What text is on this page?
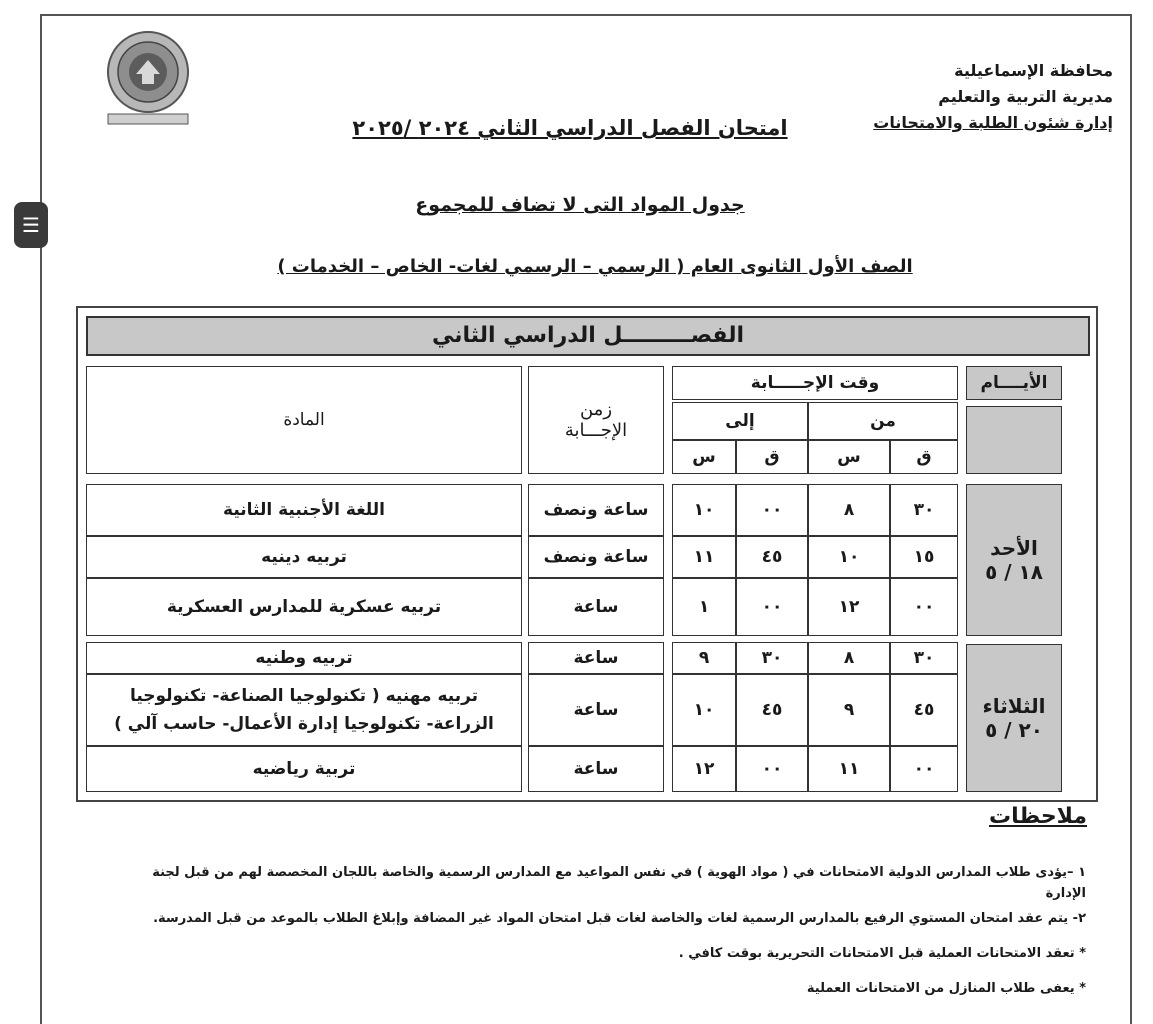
☰
محافظة الإسماعيلية
مديرية التربية والتعليم
إدارة شئون الطلبة والامتحانات
امتحان الفصل الدراسي الثاني ٢٠٢٤ /٢٠٢٥
جدول المواد التى لا تضاف للمجموع
الصف الأول الثانوى العام ( الرسمي – الرسمي لغات- الخاص – الخدمات )
الفصـــــــــل الدراسي الثاني
الأيــــام
وقت الإجـــــابة
من
إلى
ق
س
ق
س
زمن
الإجـــابة
المادة
الأحد
١٨ / ٥
الثلاثاء
٢٠ / ٥
٣٠
٨
٠٠
١٠
ساعة ونصف
اللغة الأجنبية الثانية
١٥
١٠
٤٥
١١
ساعة ونصف
تربيه دينيه
٠٠
١٢
٠٠
١
ساعة
تربيه عسكرية للمدارس العسكرية
٣٠
٨
٣٠
٩
ساعة
تربيه وطنيه
٤٥
٩
٤٥
١٠
ساعة
تربيه مهنيه ( تكنولوجيا الصناعة- تكنولوجيا الزراعة- تكنولوجيا إدارة الأعمال- حاسب آلي )
٠٠
١١
٠٠
١٢
ساعة
تربية رياضيه
ملاحظات

١ –يؤدى طلاب المدارس الدولية الامتحانات في ( مواد الهوية ) في نفس المواعيد مع المدارس الرسمية والخاصة باللجان المخصصة لهم من قبل لجنة الإدارة

٢- يتم عقد امتحان المستوي الرفيع بالمدارس الرسمية لغات والخاصة لغات قبل امتحان المواد غير المضافة وإبلاغ الطلاب بالموعد من قبل المدرسة.

* تعقد الامتحانات العملية قبل الامتحانات التحريرية بوقت كافي .

* يعفى طلاب المنازل من الامتحانات العملية
